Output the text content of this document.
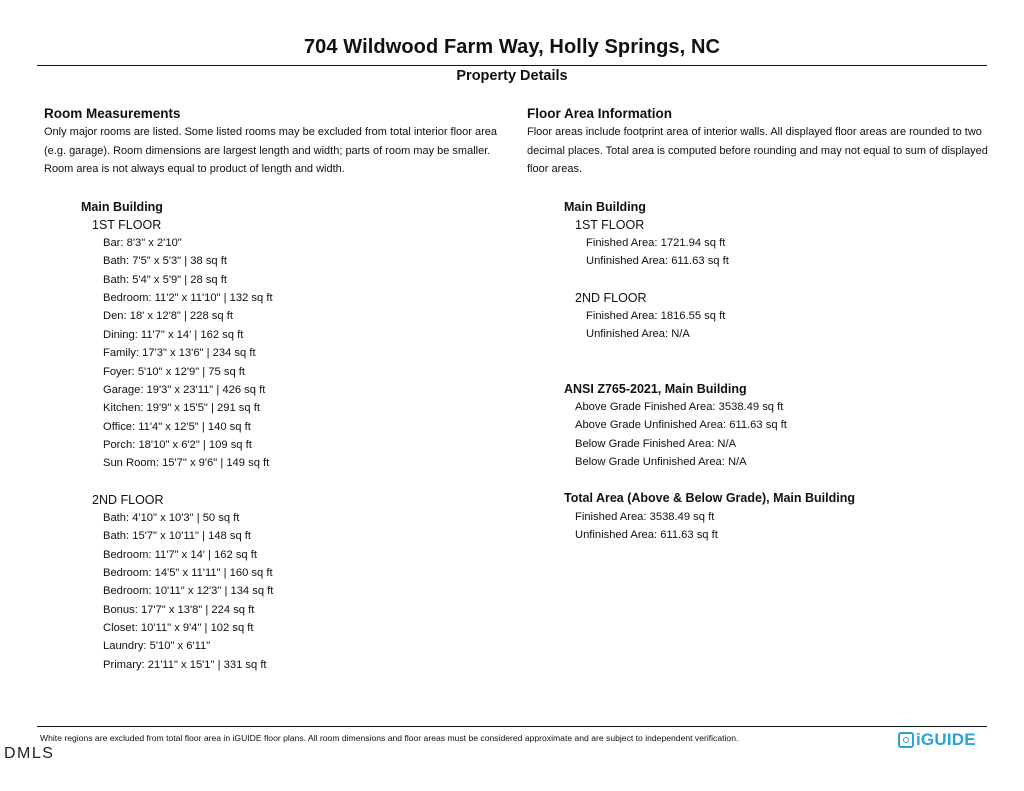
704 Wildwood Farm Way, Holly Springs, NC
Property Details
Room Measurements

Only major rooms are listed. Some listed rooms may be excluded from total interior floor area (e.g. garage). Room dimensions are largest length and width; parts of room may be smaller. Room area is not always equal to product of length and width.

Main Building
1ST FLOOR
Bar: 8'3" x 2'10"
Bath: 7'5" x 5'3" | 38 sq ft
Bath: 5'4" x 5'9" | 28 sq ft
Bedroom: 11'2" x 11'10" | 132 sq ft
Den: 18' x 12'8" | 228 sq ft
Dining: 11'7" x 14' | 162 sq ft
Family: 17'3" x 13'6" | 234 sq ft
Foyer: 5'10" x 12'9" | 75 sq ft
Garage: 19'3" x 23'11" | 426 sq ft
Kitchen: 19'9" x 15'5" | 291 sq ft
Office: 11'4" x 12'5" | 140 sq ft
Porch: 18'10" x 6'2" | 109 sq ft
Sun Room: 15'7" x 9'6" | 149 sq ft
2ND FLOOR
Bath: 4'10" x 10'3" | 50 sq ft
Bath: 15'7" x 10'11" | 148 sq ft
Bedroom: 11'7" x 14' | 162 sq ft
Bedroom: 14'5" x 11'11" | 160 sq ft
Bedroom: 10'11" x 12'3" | 134 sq ft
Bonus: 17'7" x 13'8" | 224 sq ft
Closet: 10'11" x 9'4" | 102 sq ft
Laundry: 5'10" x 6'11"
Primary: 21'11" x 15'1" | 331 sq ft
Floor Area Information

Floor areas include footprint area of interior walls. All displayed floor areas are rounded to two decimal places. Total area is computed before rounding and may not equal to sum of displayed floor areas.

Main Building
1ST FLOOR
Finished Area: 1721.94 sq ft
Unfinished Area: 611.63 sq ft
2ND FLOOR
Finished Area: 1816.55 sq ft
Unfinished Area: N/A
ANSI Z765-2021, Main Building
Above Grade Finished Area: 3538.49 sq ft
Above Grade Unfinished Area: 611.63 sq ft
Below Grade Finished Area: N/A
Below Grade Unfinished Area: N/A
Total Area (Above & Below Grade), Main Building
Finished Area: 3538.49 sq ft
Unfinished Area: 611.63 sq ft
White regions are excluded from total floor area in iGUIDE floor plans. All room dimensions and floor areas must be considered approximate and are subject to independent verification.	iGUIDE
DMLS
